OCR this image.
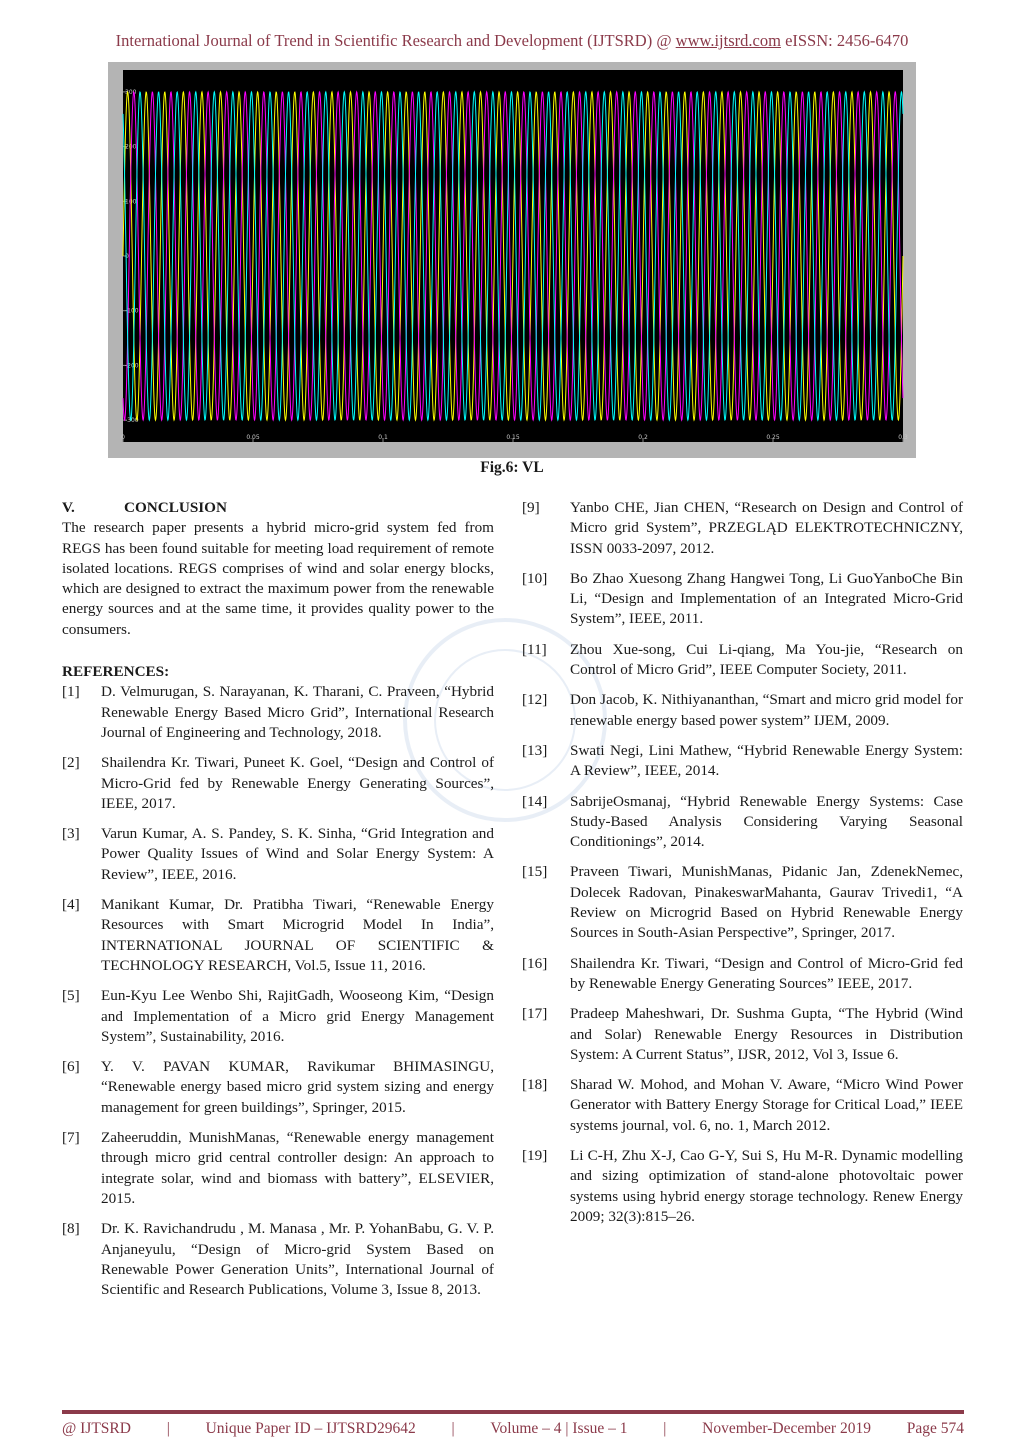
International Journal of Trend in Scientific Research and Development (IJTSRD) @ www.ijtsrd.com eISSN: 2456-6470
300
200
100
0
-100
-200
-300
0	0.05	0.1	0.15	0.2	0.25	0.3
Fig.6: VL

V.	CONCLUSION

The research paper presents a hybrid micro-grid system fed from REGS has been found suitable for meeting load requirement of remote isolated locations. REGS comprises of wind and solar energy blocks, which are designed to extract the maximum power from the renewable energy sources and at the same time, it provides quality power to the consumers.

REFERENCES:

[1]	D. Velmurugan, S. Narayanan, K. Tharani, C. Praveen, “Hybrid Renewable Energy Based Micro Grid”, International Research Journal of Engineering and Technology, 2018.
[2]	Shailendra Kr. Tiwari, Puneet K. Goel, “Design and Control of Micro-Grid fed by Renewable Energy Generating Sources”, IEEE, 2017.
[3]	Varun Kumar, A. S. Pandey, S. K. Sinha, “Grid Integration and Power Quality Issues of Wind and Solar Energy System: A Review”, IEEE, 2016.
[4]	Manikant Kumar, Dr. Pratibha Tiwari, “Renewable Energy Resources with Smart Microgrid Model In India”, INTERNATIONAL JOURNAL OF SCIENTIFIC & TECHNOLOGY RESEARCH, Vol.5, Issue 11, 2016.
[5]	Eun-Kyu Lee Wenbo Shi, RajitGadh, Wooseong Kim, “Design and Implementation of a Micro grid Energy Management System”, Sustainability, 2016.
[6]	Y. V. PAVAN KUMAR, Ravikumar BHIMASINGU, “Renewable energy based micro grid system sizing and energy management for green buildings”, Springer, 2015.
[7]	Zaheeruddin, MunishManas, “Renewable energy management through micro grid central controller design: An approach to integrate solar, wind and biomass with battery”, ELSEVIER, 2015.
[8]	Dr. K. Ravichandrudu , M. Manasa , Mr. P. YohanBabu, G. V. P. Anjaneyulu, “Design of Micro-grid System Based on Renewable Power Generation Units”, International Journal of Scientific and Research Publications, Volume 3, Issue 8, 2013.
[9]	Yanbo CHE, Jian CHEN, “Research on Design and Control of Micro grid System”, PRZEGLĄD ELEKTROTECHNICZNY, ISSN 0033-2097, 2012.
[10]	Bo Zhao Xuesong Zhang Hangwei Tong, Li GuoYanboChe Bin Li, “Design and Implementation of an Integrated Micro-Grid System”, IEEE, 2011.
[11]	Zhou Xue-song, Cui Li-qiang, Ma You-jie, “Research on Control of Micro Grid”, IEEE Computer Society, 2011.
[12]	Don Jacob, K. Nithiyananthan, “Smart and micro grid model for renewable energy based power system” IJEM, 2009.
[13]	Swati Negi, Lini Mathew, “Hybrid Renewable Energy System: A Review”, IEEE, 2014.
[14]	SabrijeOsmanaj, “Hybrid Renewable Energy Systems: Case Study-Based Analysis Considering Varying Seasonal Conditionings”, 2014.
[15]	Praveen Tiwari, MunishManas, Pidanic Jan, ZdenekNemec, Dolecek Radovan, PinakeswarMahanta, Gaurav Trivedi1, “A Review on Microgrid Based on Hybrid Renewable Energy Sources in South-Asian Perspective”, Springer, 2017.
[16]	Shailendra Kr. Tiwari, “Design and Control of Micro-Grid fed by Renewable Energy Generating Sources” IEEE, 2017.
[17]	Pradeep Maheshwari, Dr. Sushma Gupta, “The Hybrid (Wind and Solar) Renewable Energy Resources in Distribution System: A Current Status”, IJSR, 2012, Vol 3, Issue 6.
[18]	Sharad W. Mohod, and Mohan V. Aware, “Micro Wind Power Generator with Battery Energy Storage for Critical Load,” IEEE systems journal, vol. 6, no. 1, March 2012.
[19]	Li C-H, Zhu X-J, Cao G-Y, Sui S, Hu M-R. Dynamic modelling and sizing optimization of stand-alone photovoltaic power systems using hybrid energy storage technology. Renew Energy 2009; 32(3):815–26.
@ IJTSRD | Unique Paper ID – IJTSRD29642 | Volume – 4 | Issue – 1 | November-December 2019 Page 574
